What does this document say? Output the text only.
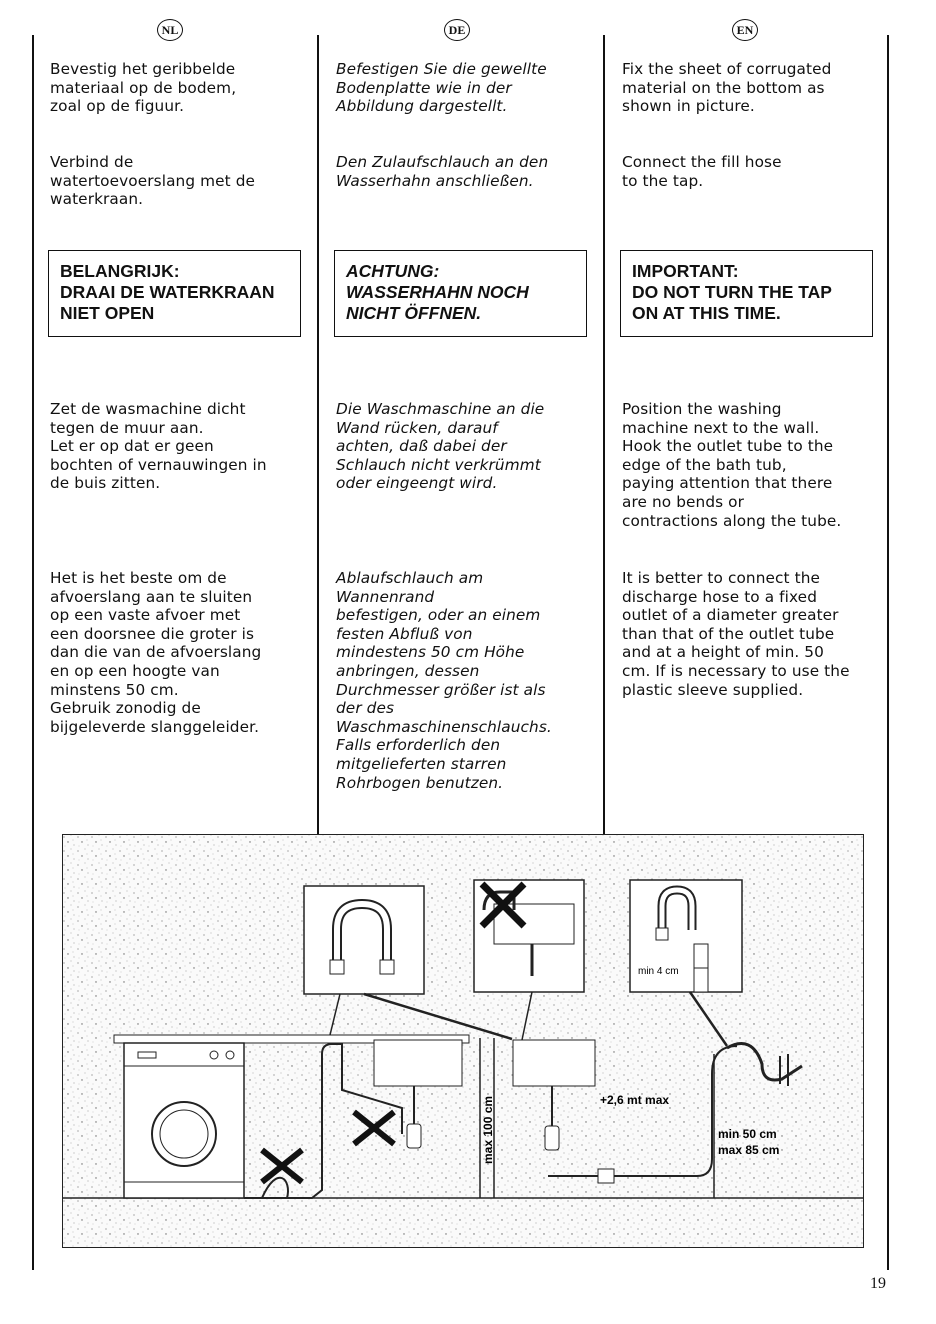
NL	DE	EN
Bevestig het geribbelde
materiaal op de bodem,
zoal op de figuur.
Verbind de
watertoevoerslang met de
waterkraan.
BELANGRIJK:
DRAAI DE WATERKRAAN
NIET OPEN
Zet de wasmachine dicht
tegen de muur aan.
Let er op dat er geen
bochten of vernauwingen in
de buis zitten.
Het is het beste om de
afvoerslang aan te sluiten
op een vaste afvoer met
een doorsnee die groter is
dan die van de afvoerslang
en op een hoogte van
minstens 50 cm.
Gebruik zonodig de
bijgeleverde slanggeleider.
Befestigen Sie die gewellte
Bodenplatte wie in der
Abbildung dargestellt.
Den Zulaufschlauch an den
Wasserhahn anschließen.
ACHTUNG:
WASSERHAHN NOCH
NICHT ÖFFNEN.
Die Waschmaschine an die
Wand rücken, darauf
achten, daß dabei der
Schlauch nicht verkrümmt
oder eingeengt wird.
Ablaufschlauch am
Wannenrand
befestigen, oder an einem
festen Abfluß von
mindestens 50 cm Höhe
anbringen, dessen
Durchmesser größer ist als
der des
Waschmaschinenschlauchs.
Falls erforderlich den
mitgelieferten starren
Rohrbogen benutzen.
Fix the sheet of corrugated
material on the bottom as
shown in picture.
Connect the fill hose
to the tap.
IMPORTANT:
DO NOT TURN THE TAP
ON AT THIS TIME.
Position the washing
machine next to the wall.
Hook the outlet tube to the
edge of the bath tub,
paying attention that there
are no bends or
contractions along the tube.
It is better to connect the
discharge hose to a fixed
outlet of a diameter greater
than that of the outlet tube
and at a height of min. 50
cm. If is necessary to use the
plastic sleeve supplied.
max 100 cm	+2,6 mt max
min 50 cm
max 85 cm
min 4 cm
19
